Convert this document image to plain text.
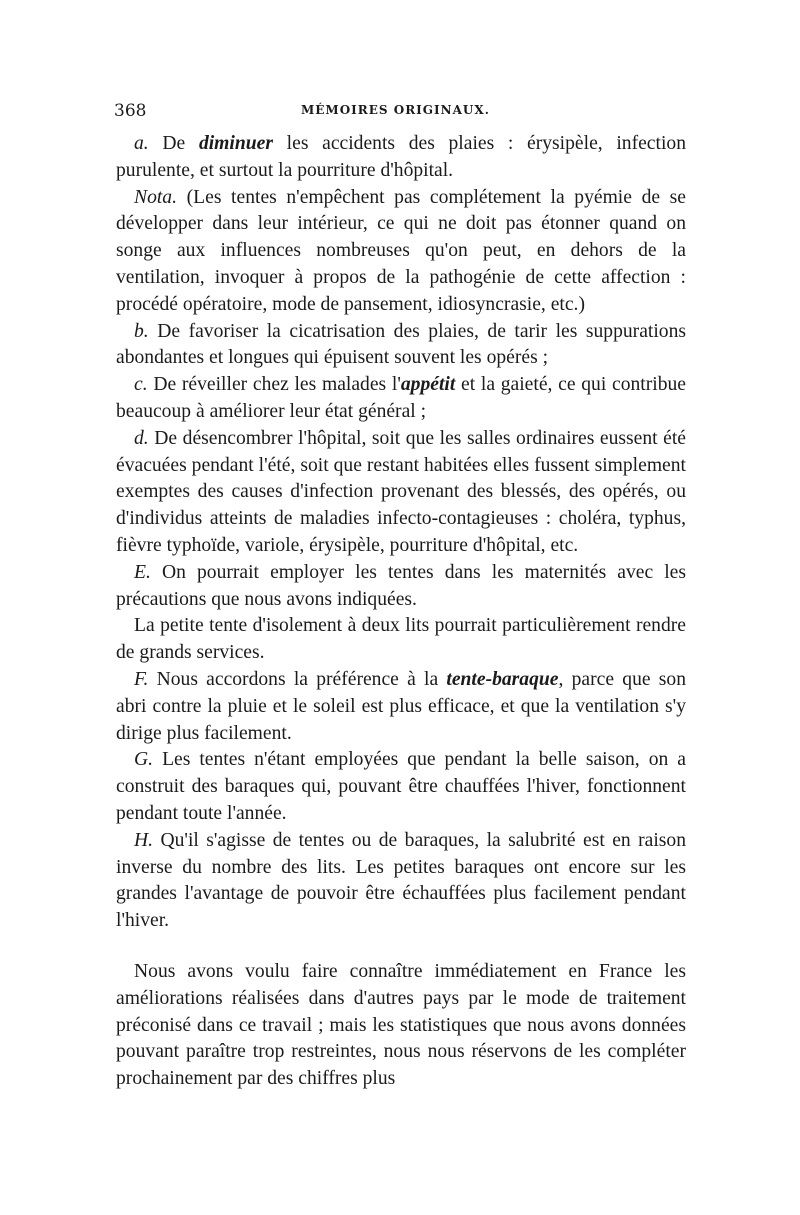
368	MÉMOIRES ORIGINAUX.

a. De diminuer les accidents des plaies : érysipèle, infection purulente, et surtout la pourriture d'hôpital.

Nota. (Les tentes n'empêchent pas complétement la pyémie de se développer dans leur intérieur, ce qui ne doit pas étonner quand on songe aux influences nombreuses qu'on peut, en dehors de la ventilation, invoquer à propos de la pathogénie de cette affection : procédé opératoire, mode de pansement, idiosyncrasie, etc.)

b. De favoriser la cicatrisation des plaies, de tarir les suppurations abondantes et longues qui épuisent souvent les opérés ;

c. De réveiller chez les malades l'appétit et la gaieté, ce qui contribue beaucoup à améliorer leur état général ;

d. De désencombrer l'hôpital, soit que les salles ordinaires eussent été évacuées pendant l'été, soit que restant habitées elles fussent simplement exemptes des causes d'infection provenant des blessés, des opérés, ou d'individus atteints de maladies infecto-contagieuses : choléra, typhus, fièvre typhoïde, variole, érysipèle, pourriture d'hôpital, etc.

E. On pourrait employer les tentes dans les maternités avec les précautions que nous avons indiquées.

La petite tente d'isolement à deux lits pourrait particulièrement rendre de grands services.

F. Nous accordons la préférence à la tente-baraque, parce que son abri contre la pluie et le soleil est plus efficace, et que la ventilation s'y dirige plus facilement.

G. Les tentes n'étant employées que pendant la belle saison, on a construit des baraques qui, pouvant être chauffées l'hiver, fonctionnent pendant toute l'année.

H. Qu'il s'agisse de tentes ou de baraques, la salubrité est en raison inverse du nombre des lits. Les petites baraques ont encore sur les grandes l'avantage de pouvoir être échauffées plus facilement pendant l'hiver.

Nous avons voulu faire connaître immédiatement en France les améliorations réalisées dans d'autres pays par le mode de traitement préconisé dans ce travail ; mais les statistiques que nous avons données pouvant paraître trop restreintes, nous nous réservons de les compléter prochainement par des chiffres plus
